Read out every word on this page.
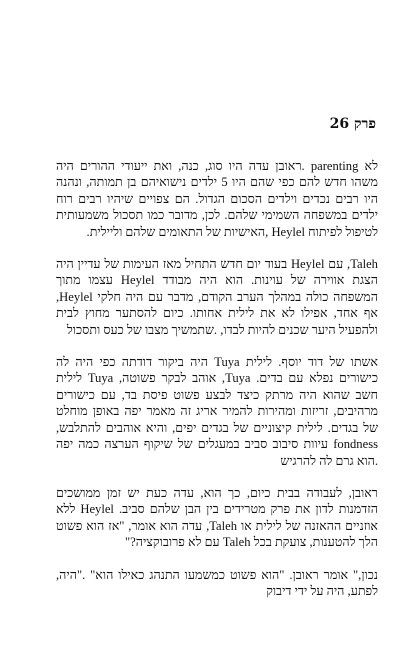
פרק 26

לא parenting .ראובן עדה היו סוג, כנה, ואת ייעודי ההורים היה משהו חדש להם כפי שהם היו 5 ילדים נישואיהם בן תמותה, ונהנה היו רבים נכדים וילדים הסכום הגדול. הם צפויים שיהיו רבים רוח ילדים במשפחה השמימי שלהם. לכן, מדובר כמו תסכול משמעותית לטיפול לפיתוח Heylel ,האישיות של התאומים שלהם וליילית.

Taleh, עם Heylel בעוד יום חדש התחיל מאז העימות של עדיין היה הצגת אווירה של עוינות. הוא היה מבודד Heylel עצמו מתוך המשפחה כולה במהלך הערב הקודם, מדבר עם היה חלקי Heylel, אף אחד, אפילו לא את לילית אחותו. כיום להסתער מחוץ לבית ולהפעיל היער שכנים להיות לבדו, .שתמשיך מצבו של כעס ותסכול

אשתו של דוד יוסף. לילית Tuya היה ביקור דודתה כפי היה לה כישורים נפלא עם בדים. Tuya, אוהב לבקר פשוטה, Tuya לילית חשב שהוא היה מרתק כיצד לבצע פשוט פיסת בד, עם כישורים מרהיבים, זריזות ומהירות להמיר אריג זה מאמר יפה באופן מוחלט של בגדים. לילית קיצוניים של בגדים יפים, והיא אוהבים להתלבש, fondness עיוות סיבוב סביב במעגלים של שיקוף הערצה כמה יפה .הוא גרם לה להרגיש

ראובן, לעבודה בבית כיום, כך הוא, עדה כעת יש זמן ממושכים הזדמנות לדון את פרק מטרידים בין הבן שלהם סביב. Heylel ללא אוזניים ההאזנה של לילית או Taleh, עדה הוא אומר, "אז הוא פשוט הלך להטענות, צועקת בכל Taleh עם לא פרובוקציה?"

נכון," אומר ראובן. "הוא פשוט כמשמעו התנהג כאילו הוא" ."היה, לפתע, היה על ידי דיבוק
